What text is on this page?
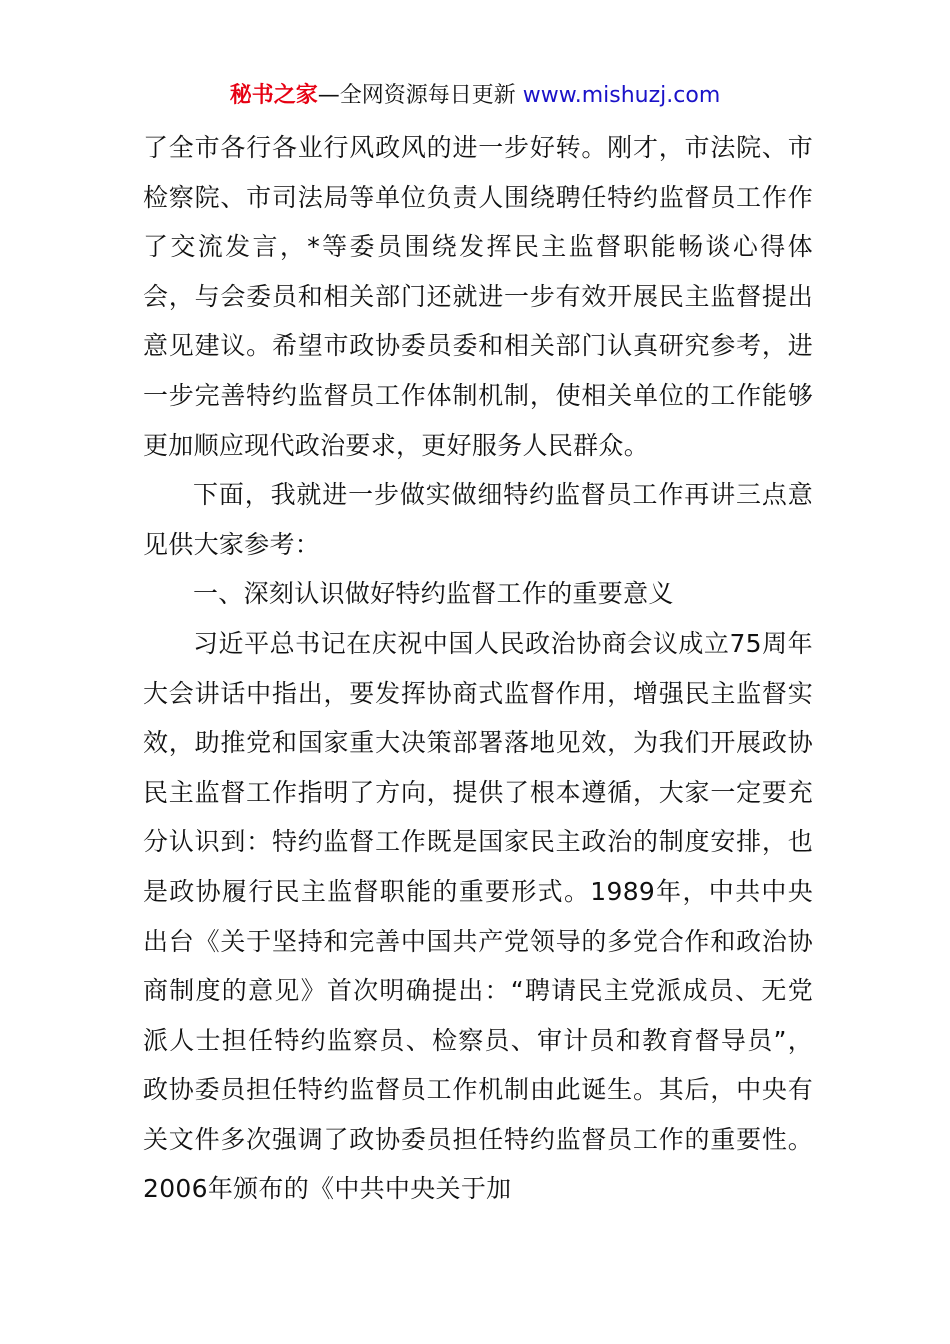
秘书之家—全网资源每日更新 www.mishuzj.com

了全市各行各业行风政风的进一步好转。刚才，市法院、市检察院、市司法局等单位负责人围绕聘任特约监督员工作作了交流发言，*等委员围绕发挥民主监督职能畅谈心得体会，与会委员和相关部门还就进一步有效开展民主监督提出意见建议。希望市政协委员委和相关部门认真研究参考，进一步完善特约监督员工作体制机制，使相关单位的工作能够更加顺应现代政治要求，更好服务人民群众。

下面，我就进一步做实做细特约监督员工作再讲三点意见供大家参考：

一、深刻认识做好特约监督工作的重要意义

习近平总书记在庆祝中国人民政治协商会议成立75周年大会讲话中指出，要发挥协商式监督作用，增强民主监督实效，助推党和国家重大决策部署落地见效，为我们开展政协民主监督工作指明了方向，提供了根本遵循，大家一定要充分认识到：特约监督工作既是国家民主政治的制度安排，也是政协履行民主监督职能的重要形式。1989年，中共中央出台《关于坚持和完善中国共产党领导的多党合作和政治协商制度的意见》首次明确提出：“聘请民主党派成员、无党派人士担任特约监察员、检察员、审计员和教育督导员”，政协委员担任特约监督员工作机制由此诞生。其后，中央有关文件多次强调了政协委员担任特约监督员工作的重要性。2006年颁布的《中共中央关于加
